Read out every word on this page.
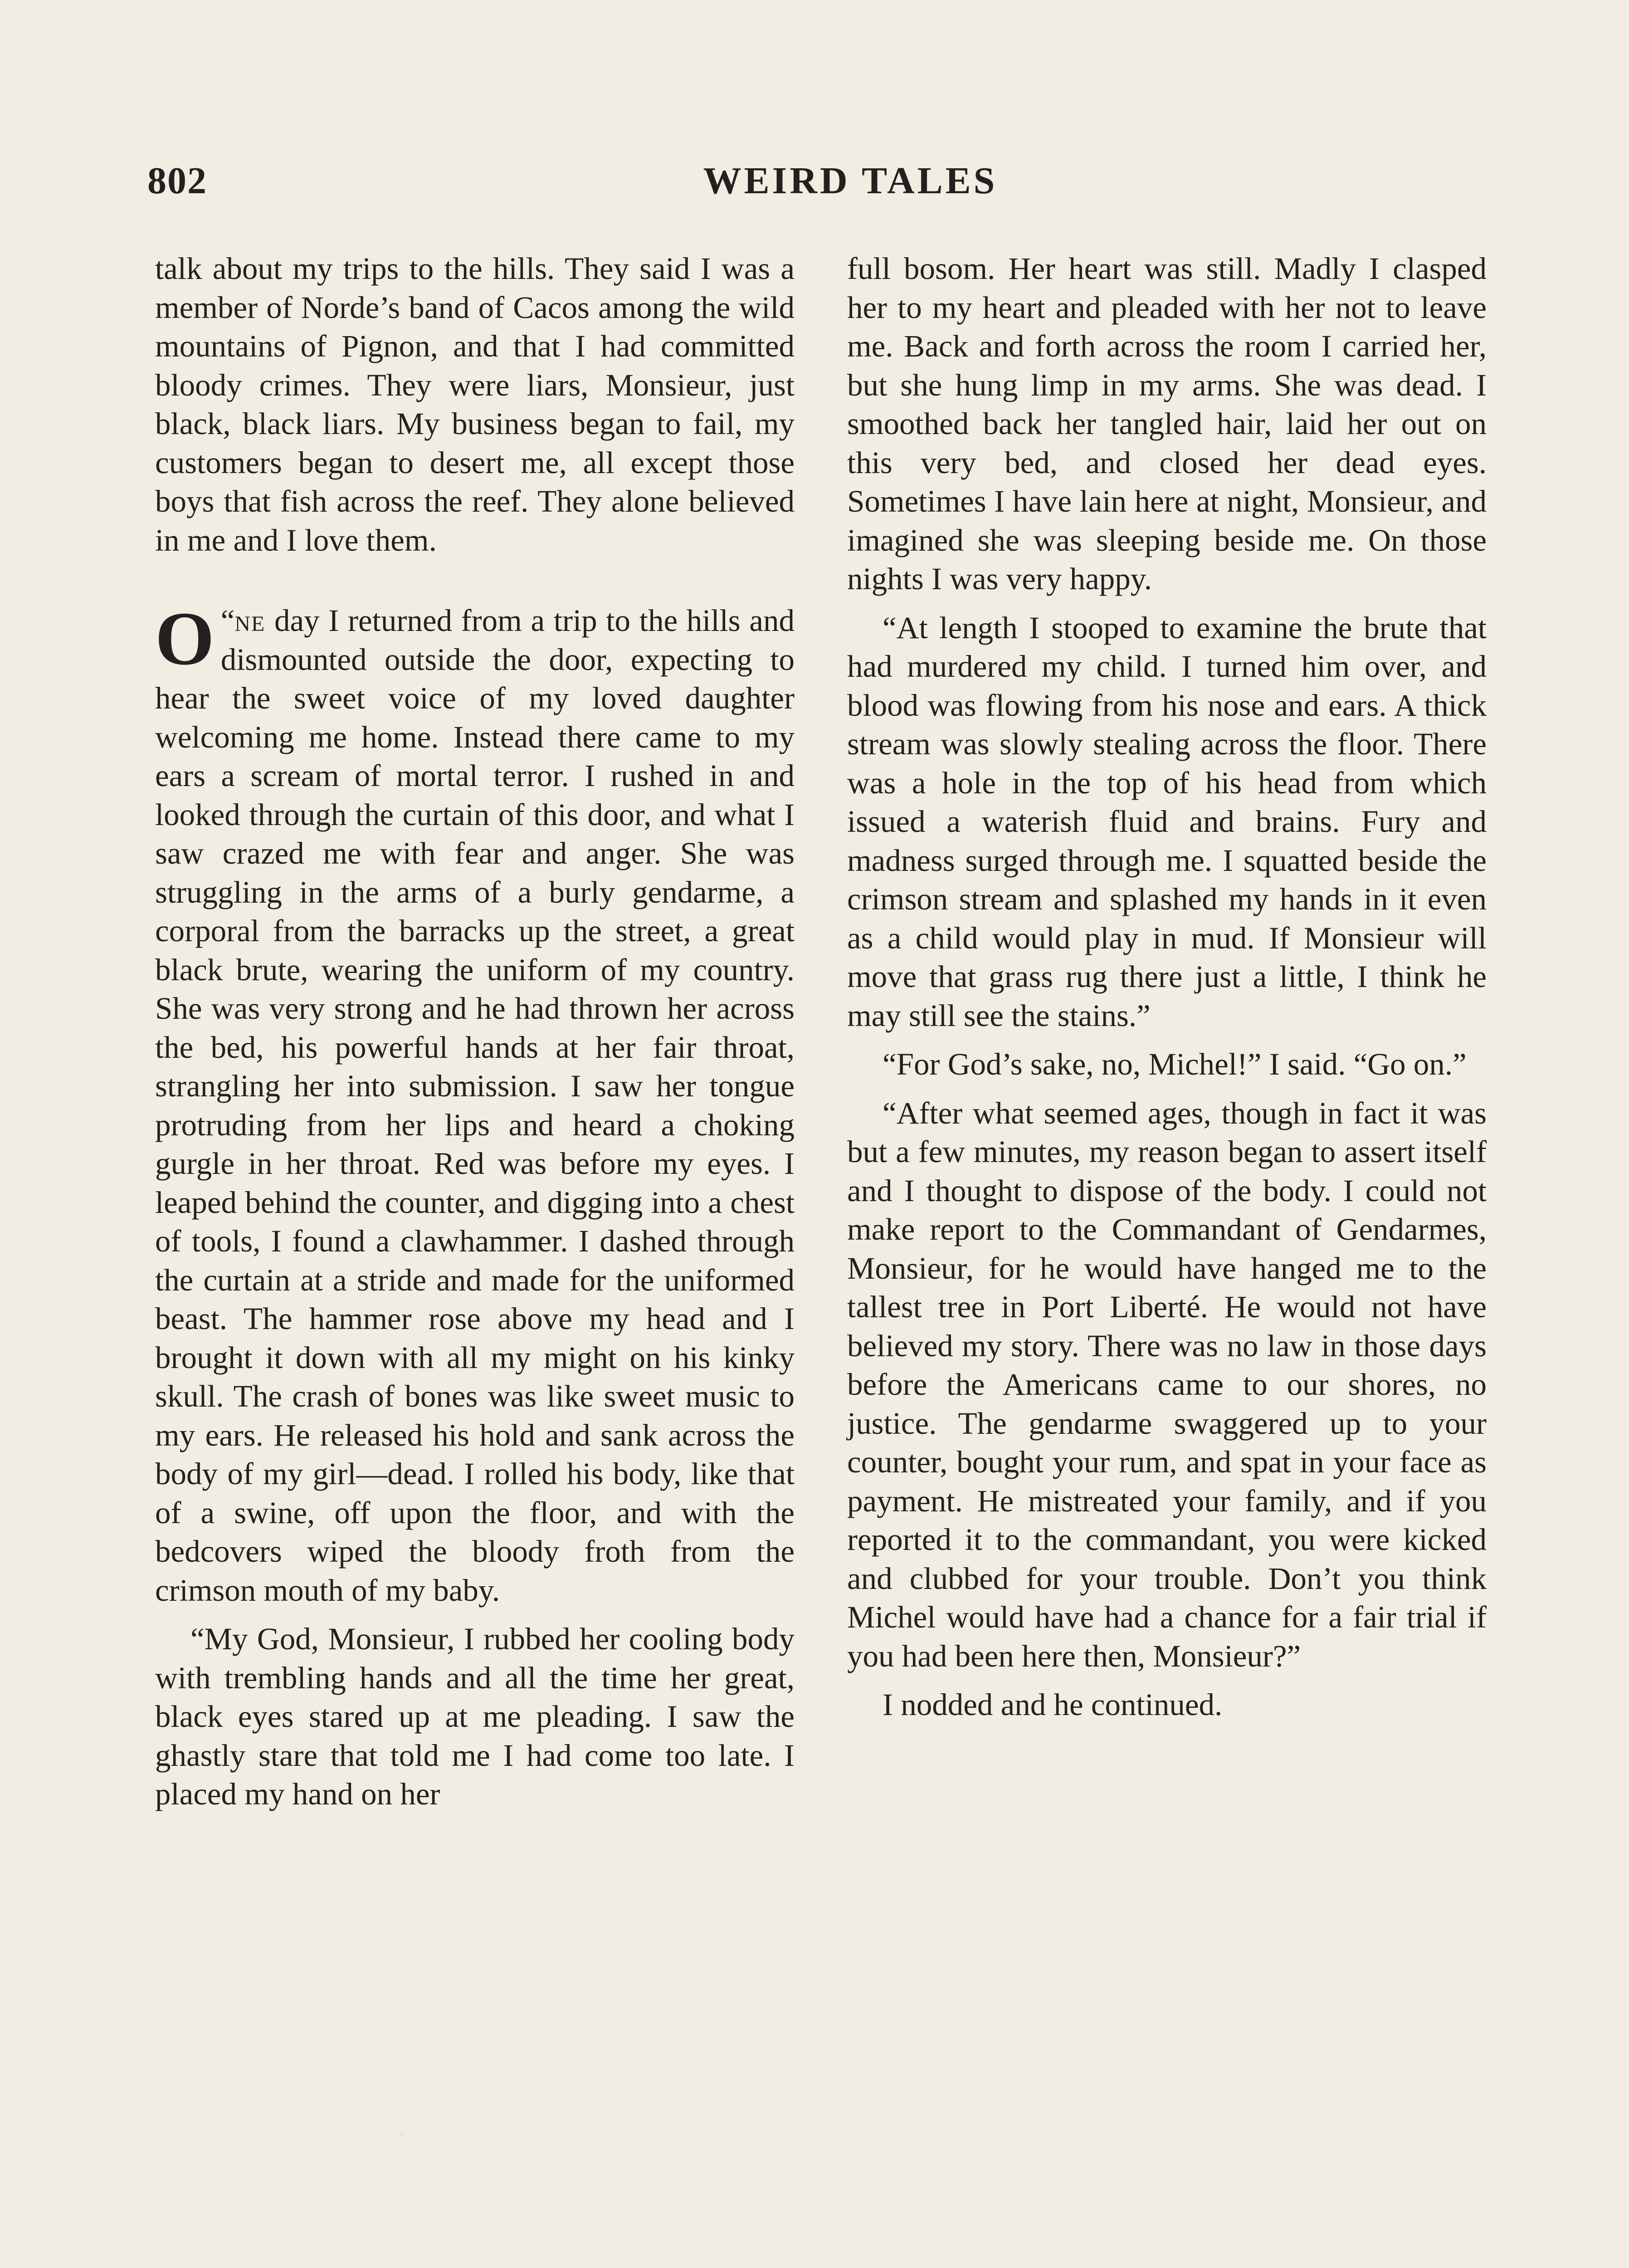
802	WEIRD TALES

talk about my trips to the hills. They said I was a member of Norde’s band of Cacos among the wild mountains of Pignon, and that I had committed bloody crimes. They were liars, Monsieur, just black, black liars. My business began to fail, my customers began to desert me, all except those boys that fish across the reef. They alone believed in me and I love them.

“
O ne day I returned from a trip to the hills and dismounted outside the door, expecting to hear the sweet voice of my loved daughter welcoming me home. Instead there came to my ears a scream of mortal terror. I rushed in and looked through the curtain of this door, and what I saw crazed me with fear and anger. She was struggling in the arms of a burly gendarme, a corporal from the barracks up the street, a great black brute, wearing the uniform of my country. She was very strong and he had thrown her across the bed, his powerful hands at her fair throat, strangling her into submission. I saw her tongue protruding from her lips and heard a choking gurgle in her throat. Red was before my eyes. I leaped behind the counter, and digging into a chest of tools, I found a clawhammer. I dashed through the curtain at a stride and made for the uniformed beast. The hammer rose above my head and I brought it down with all my might on his kinky skull. The crash of bones was like sweet music to my ears. He released his hold and sank across the body of my girl—dead. I rolled his body, like that of a swine, off upon the floor, and with the bedcovers wiped the bloody froth from the crimson mouth of my baby.

“My God, Monsieur, I rubbed her cooling body with trembling hands and all the time her great, black eyes stared up at me pleading. I saw the ghastly stare that told me I had come too late. I placed my hand on her

full bosom. Her heart was still. Madly I clasped her to my heart and pleaded with her not to leave me. Back and forth across the room I carried her, but she hung limp in my arms. She was dead. I smoothed back her tangled hair, laid her out on this very bed, and closed her dead eyes. Sometimes I have lain here at night, Monsieur, and imagined she was sleeping beside me. On those nights I was very happy.

“At length I stooped to examine the brute that had murdered my child. I turned him over, and blood was flowing from his nose and ears. A thick stream was slowly stealing across the floor. There was a hole in the top of his head from which issued a waterish fluid and brains. Fury and madness surged through me. I squatted beside the crimson stream and splashed my hands in it even as a child would play in mud. If Monsieur will move that grass rug there just a little, I think he may still see the stains.”

“For God’s sake, no, Michel!” I said. “Go on.”

“After what seemed ages, though in fact it was but a few minutes, my reason began to assert itself and I thought to dispose of the body. I could not make report to the Commandant of Gendarmes, Monsieur, for he would have hanged me to the tallest tree in Port Liberté. He would not have believed my story. There was no law in those days before the Americans came to our shores, no justice. The gendarme swaggered up to your counter, bought your rum, and spat in your face as payment. He mistreated your family, and if you reported it to the commandant, you were kicked and clubbed for your trouble. Don’t you think Michel would have had a chance for a fair trial if you had been here then, Monsieur?”

I nodded and he continued.
